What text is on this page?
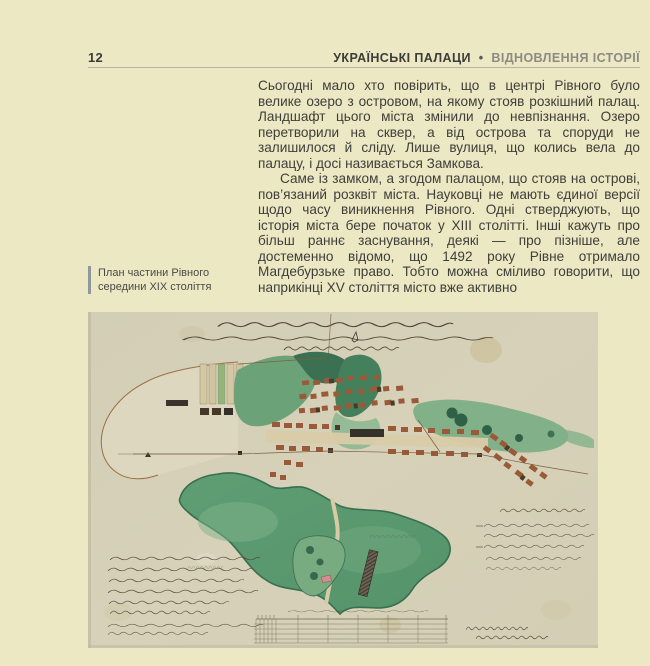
12	УКРАЇНСЬКІ ПАЛАЦИ • ВІДНОВЛЕННЯ ІСТОРІЇ

Сьогодні мало хто повірить, що в центрі Рівного було велике озеро з островом, на якому стояв розкішний палац. Ландшафт цього міста змінили до невпізнання. Озеро перетворили на сквер, а від острова та споруди не залишилося й сліду. Лише вулиця, що колись вела до палацу, і досі називається Замкова.

Саме із замком, а згодом палацом, що стояв на острові, пов’язаний розквіт міста. Науковці не мають єдиної версії щодо часу виникнення Рівного. Одні стверджують, що історія міста бере початок у XIII столітті. Інші кажуть про більш раннє заснування, деякі — про пізніше, але достеменно відомо, що 1492 року Рівне отримало Магдебурзьке право. Тобто можна сміливо говорити, що наприкінці XV століття місто вже активно

План частини Рівного середини XIX століття
